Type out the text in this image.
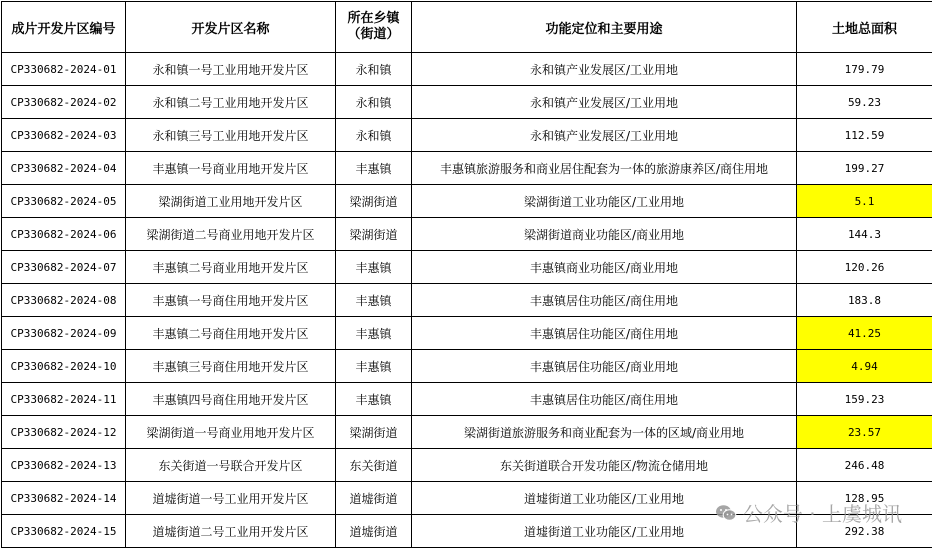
成片开发片区编号	开发片区名称	所在乡镇（街道）	功能定位和主要用途	土地总面积
CP330682-2024-01	永和镇一号工业用地开发片区	永和镇	永和镇产业发展区/工业用地	179.79
CP330682-2024-02	永和镇二号工业用地开发片区	永和镇	永和镇产业发展区/工业用地	59.23
CP330682-2024-03	永和镇三号工业用地开发片区	永和镇	永和镇产业发展区/工业用地	112.59
CP330682-2024-04	丰惠镇一号商业用地开发片区	丰惠镇	丰惠镇旅游服务和商业居住配套为一体的旅游康养区/商住用地	199.27
CP330682-2024-05	梁湖街道工业用地开发片区	梁湖街道	梁湖街道工业功能区/工业用地	5.1
CP330682-2024-06	梁湖街道二号商业用地开发片区	梁湖街道	梁湖街道商业功能区/商业用地	144.3
CP330682-2024-07	丰惠镇二号商业用地开发片区	丰惠镇	丰惠镇商业功能区/商业用地	120.26
CP330682-2024-08	丰惠镇一号商住用地开发片区	丰惠镇	丰惠镇居住功能区/商住用地	183.8
CP330682-2024-09	丰惠镇二号商住用地开发片区	丰惠镇	丰惠镇居住功能区/商住用地	41.25
CP330682-2024-10	丰惠镇三号商住用地开发片区	丰惠镇	丰惠镇居住功能区/商业用地	4.94
CP330682-2024-11	丰惠镇四号商住用地开发片区	丰惠镇	丰惠镇居住功能区/商住用地	159.23
CP330682-2024-12	梁湖街道一号商业用地开发片区	梁湖街道	梁湖街道旅游服务和商业配套为一体的区域/商业用地	23.57
CP330682-2024-13	东关街道一号联合开发片区	东关街道	东关街道联合开发功能区/物流仓储用地	246.48
CP330682-2024-14	道墟街道一号工业用开发片区	道墟街道	道墟街道工业功能区/工业用地	128.95
CP330682-2024-15	道墟街道二号工业用开发片区	道墟街道	道墟街道工业功能区/工业用地	292.38
公众号 · 上虞城讯
